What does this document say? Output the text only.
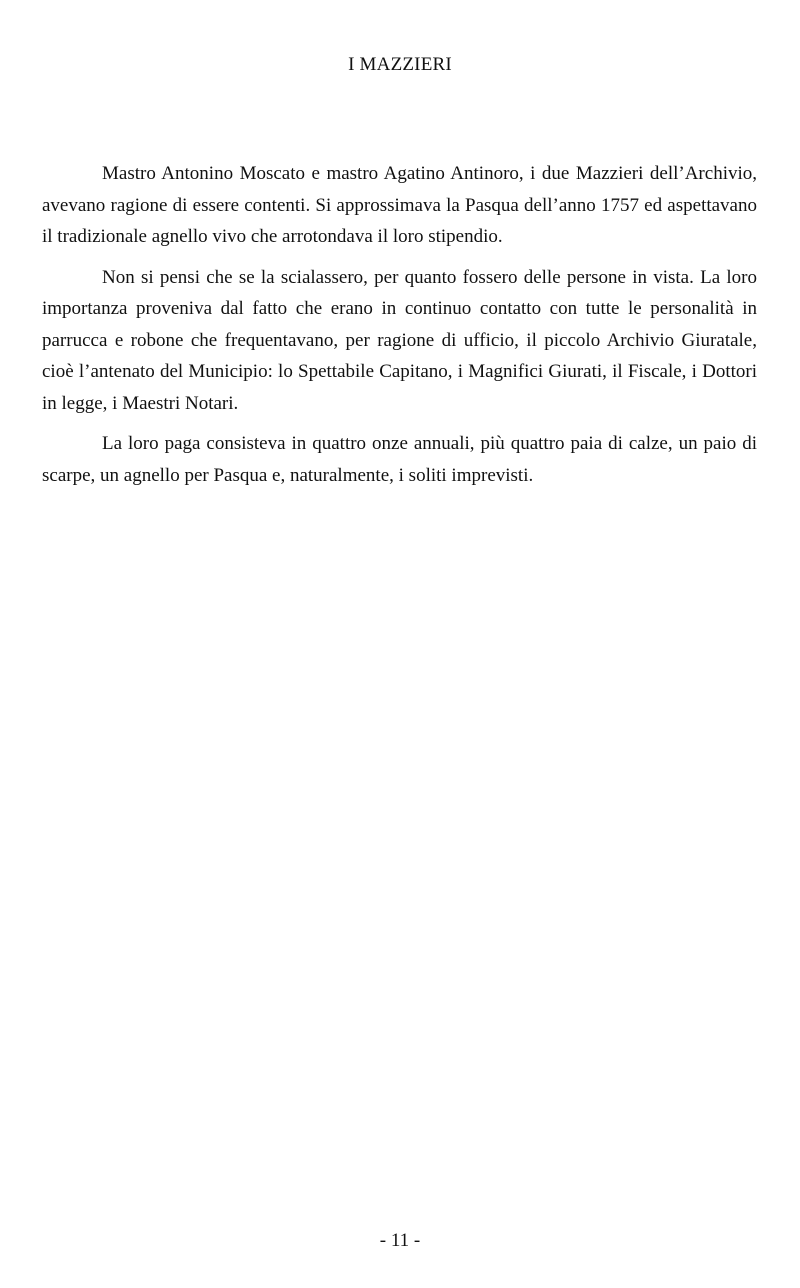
I MAZZIERI

Mastro Antonino Moscato e mastro Agatino Antinoro, i due Mazzieri dell’Archivio, avevano ragione di essere contenti. Si approssimava la Pasqua dell’anno 1757 ed aspettavano il tradizionale agnello vivo che arrotondava il loro stipendio.

Non si pensi che se la scialassero, per quanto fossero delle persone in vista. La loro importanza proveniva dal fatto che erano in continuo contatto con tutte le personalità in parrucca e robone che frequentavano, per ragione di ufficio, il piccolo Archivio Giuratale, cioè l’antenato del Municipio: lo Spettabile Capitano, i Magnifici Giurati, il Fiscale, i Dottori in legge, i Maestri Notari.

La loro paga consisteva in quattro onze annuali, più quattro paia di calze, un paio di scarpe, un agnello per Pasqua e, naturalmente, i soliti imprevisti.

- 11 -
